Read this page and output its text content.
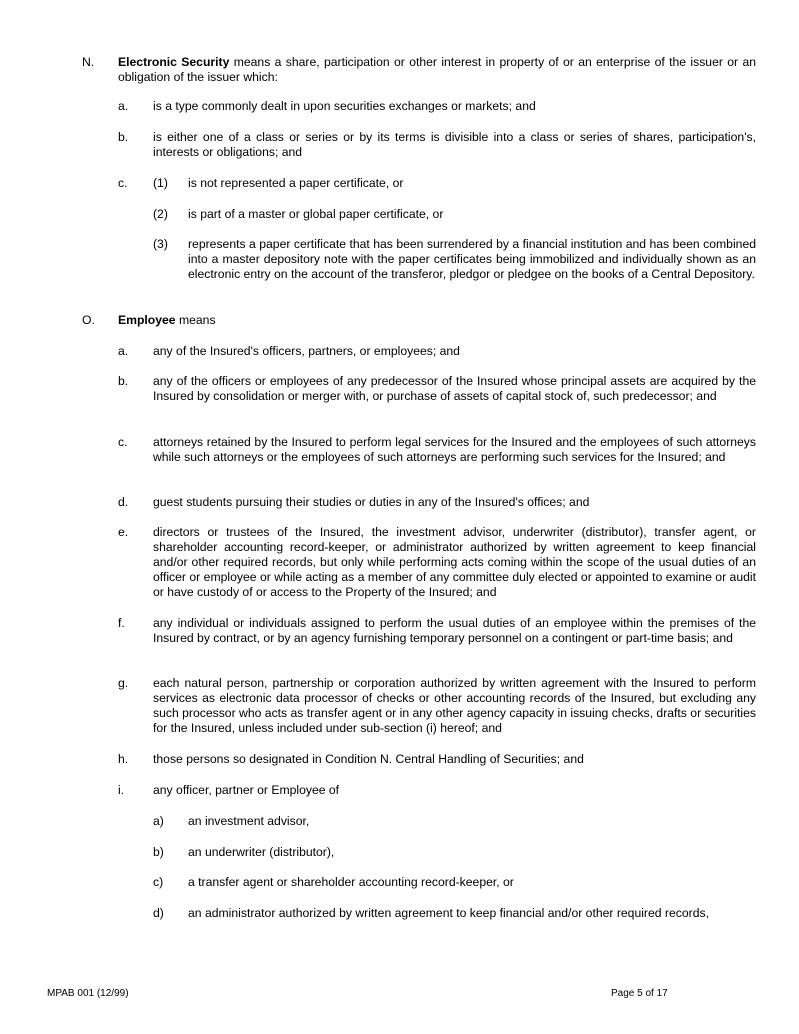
N. Electronic Security means a share, participation or other interest in property of or an enterprise of the issuer or an obligation of the issuer which:
a. is a type commonly dealt in upon securities exchanges or markets; and
b. is either one of a class or series or by its terms is divisible into a class or series of shares, participation's, interests or obligations; and
c. (1) is not represented a paper certificate, or
(2) is part of a master or global paper certificate, or
(3) represents a paper certificate that has been surrendered by a financial institution and has been combined into a master depository note with the paper certificates being immobilized and individually shown as an electronic entry on the account of the transferor, pledgor or pledgee on the books of a Central Depository.
O. Employee means
a. any of the Insured's officers, partners, or employees; and
b. any of the officers or employees of any predecessor of the Insured whose principal assets are acquired by the Insured by consolidation or merger with, or purchase of assets of capital stock of, such predecessor; and
c. attorneys retained by the Insured to perform legal services for the Insured and the employees of such attorneys while such attorneys or the employees of such attorneys are performing such services for the Insured; and
d. guest students pursuing their studies or duties in any of the Insured's offices; and
e. directors or trustees of the Insured, the investment advisor, underwriter (distributor), transfer agent, or shareholder accounting record-keeper, or administrator authorized by written agreement to keep financial and/or other required records, but only while performing acts coming within the scope of the usual duties of an officer or employee or while acting as a member of any committee duly elected or appointed to examine or audit or have custody of or access to the Property of the Insured; and
f. any individual or individuals assigned to perform the usual duties of an employee within the premises of the Insured by contract, or by an agency furnishing temporary personnel on a contingent or part-time basis; and
g. each natural person, partnership or corporation authorized by written agreement with the Insured to perform services as electronic data processor of checks or other accounting records of the Insured, but excluding any such processor who acts as transfer agent or in any other agency capacity in issuing checks, drafts or securities for the Insured, unless included under sub-section (i) hereof; and
h. those persons so designated in Condition N. Central Handling of Securities; and
i. any officer, partner or Employee of
a) an investment advisor,
b) an underwriter (distributor),
c) a transfer agent or shareholder accounting record-keeper, or
d) an administrator authorized by written agreement to keep financial and/or other required records,
MPAB 001 (12/99)	Page 5 of 17
